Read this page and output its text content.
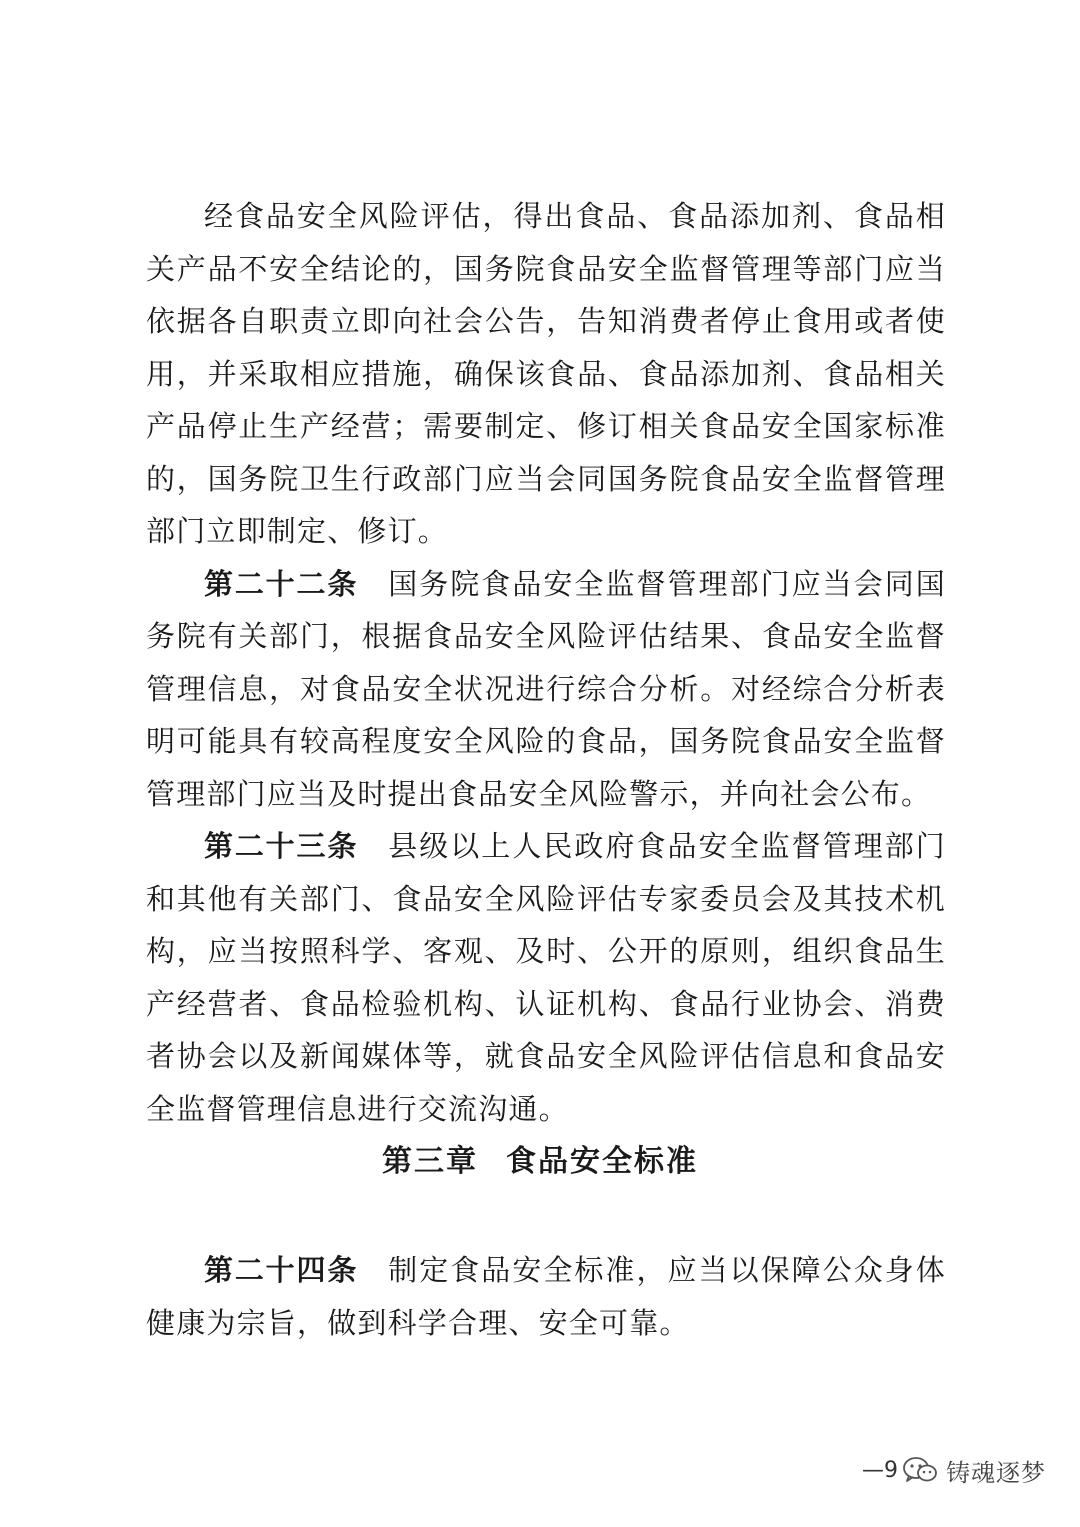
经食品安全风险评估，得出食品、食品添加剂、食品相关产品不安全结论的，国务院食品安全监督管理等部门应当依据各自职责立即向社会公告，告知消费者停止食用或者使用，并采取相应措施，确保该食品、食品添加剂、食品相关产品停止生产经营；需要制定、修订相关食品安全国家标准的，国务院卫生行政部门应当会同国务院食品安全监督管理部门立即制定、修订。

第二十二条 国务院食品安全监督管理部门应当会同国务院有关部门，根据食品安全风险评估结果、食品安全监督管理信息，对食品安全状况进行综合分析。对经综合分析表明可能具有较高程度安全风险的食品，国务院食品安全监督管理部门应当及时提出食品安全风险警示，并向社会公布。

第二十三条 县级以上人民政府食品安全监督管理部门和其他有关部门、食品安全风险评估专家委员会及其技术机构，应当按照科学、客观、及时、公开的原则，组织食品生产经营者、食品检验机构、认证机构、食品行业协会、消费者协会以及新闻媒体等，就食品安全风险评估信息和食品安全监督管理信息进行交流沟通。

第三章 食品安全标准

第二十四条 制定食品安全标准，应当以保障公众身体健康为宗旨，做到科学合理、安全可靠。

—9 铸魂逐梦
